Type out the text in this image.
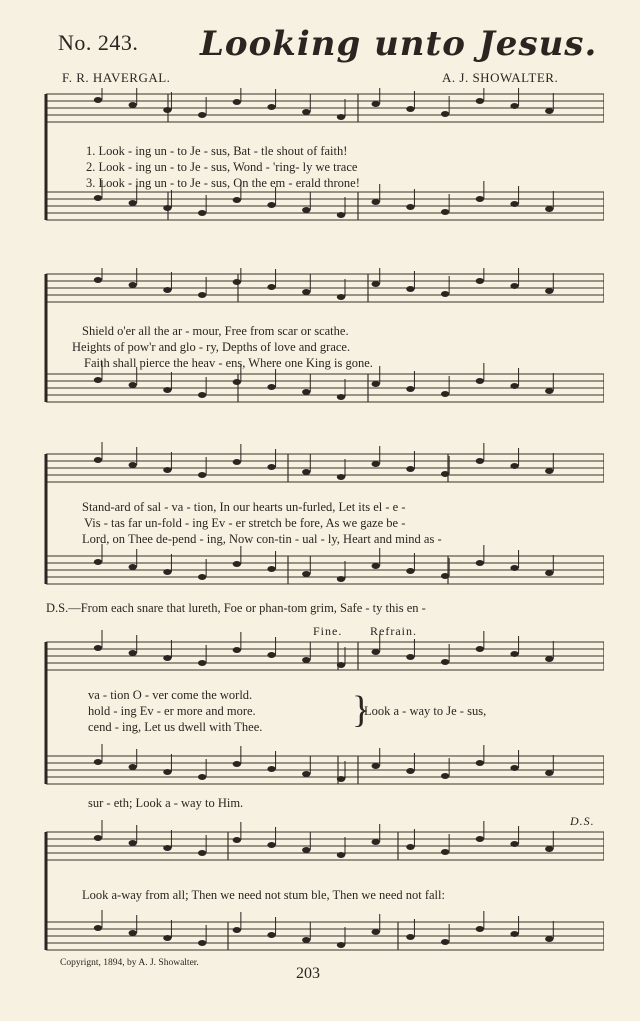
No. 243. Looking unto Jesus.
F. R. HAVERGAL.	A. J. SHOWALTER.
1. Look - ing un - to Je - sus, Bat - tle shout of faith!
2. Look - ing un - to Je - sus, Wond - 'ring- ly we trace
3. Look - ing un - to Je - sus, On the em - erald throne!
Shield o'er all the ar - mour, Free from scar or scathe.
Heights of pow'r and glo - ry, Depths of love and grace.
Faith shall pierce the heav - ens, Where one King is gone.
Stand-ard of sal - va - tion, In our hearts un-furled, Let its el - e -
Vis - tas far un-fold - ing Ev - er stretch be fore, As we gaze be -
Lord, on Thee de-pend - ing, Now con-tin - ual - ly, Heart and mind as -
D.S.—From each snare that lureth, Foe or phan-tom grim, Safe - ty this en -
Fine. Refrain.
va - tion O - ver come the world.
hold - ing Ev - er more and more.
cend - ing, Let us dwell with Thee. }
Look a - way to Je - sus,
sur - eth; Look a - way to Him.
D.S.
Look a-way from all; Then we need not stum ble, Then we need not fall:
Copyrignt, 1894, by A. J. Showalter.
203
